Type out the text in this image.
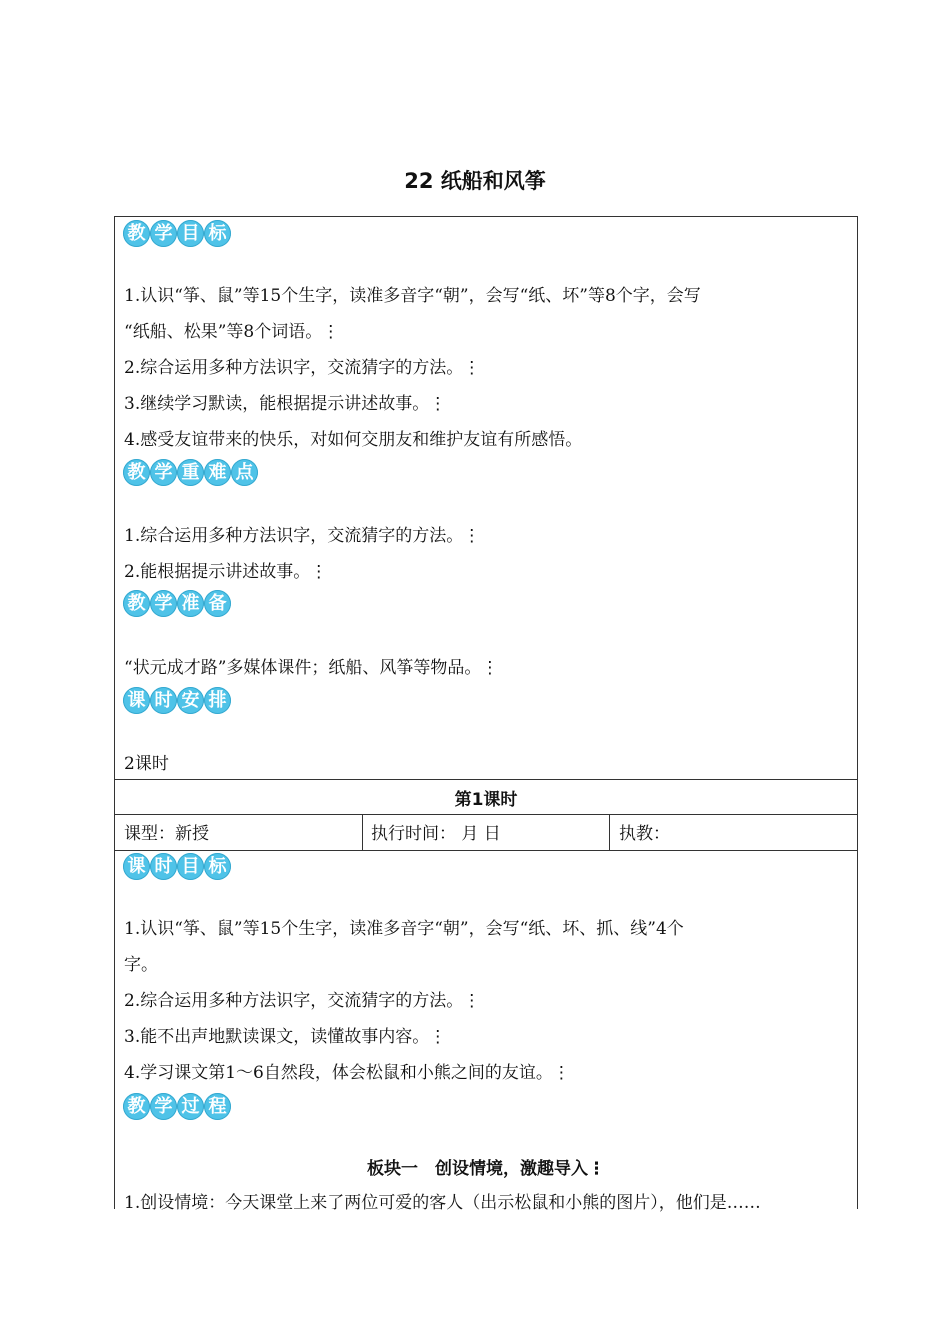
22 纸船和风筝
教 学 目 标
1.认识“筝、鼠”等15个生字，读准多音字“朝”，会写“纸、坏”等8个字，会写
“纸船、松果”等8个词语。⋮
2.综合运用多种方法识字，交流猜字的方法。⋮
3.继续学习默读，能根据提示讲述故事。⋮
4.感受友谊带来的快乐，对如何交朋友和维护友谊有所感悟。
教 学 重 难 点
1.综合运用多种方法识字，交流猜字的方法。⋮
2.能根据提示讲述故事。⋮
教 学 准 备
“状元成才路”多媒体课件；纸船、风筝等物品。⋮
课 时 安 排
2课时
第1课时
课型：新授	执行时间： 月 日	执教：
课 时 目 标
1.认识“筝、鼠”等15个生字，读准多音字“朝”，会写“纸、坏、抓、线”4个
字。
2.综合运用多种方法识字，交流猜字的方法。⋮
3.能不出声地默读课文，读懂故事内容。⋮
4.学习课文第1～6自然段，体会松鼠和小熊之间的友谊。⋮
教 学 过 程
板块一　创设情境，激趣导入⋮
1.创设情境：今天课堂上来了两位可爱的客人（出示松鼠和小熊的图片），他们是……
